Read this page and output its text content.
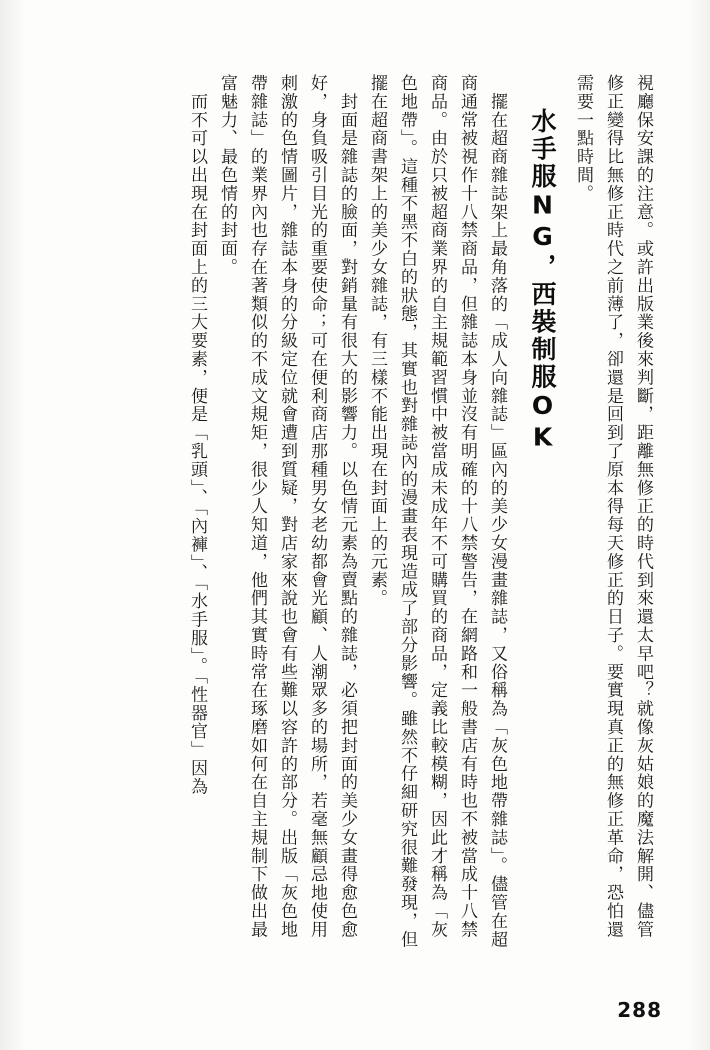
視廳保安課的注意。或許出版業後來判斷，距離無修正的時代到來還太早吧？就像灰姑娘的魔法解開、儘管修正變得比無修正時代之前薄了，卻還是回到了原本得每天修正的日子。要實現真正的無修正革命，恐怕還需要一點時間。
水手服NG，西裝制服OK
　擺在超商雜誌架上最角落的「成人向雜誌」區內的美少女漫畫雜誌，又俗稱為「灰色地帶雜誌」。儘管在超商通常被視作十八禁商品，但雜誌本身並沒有明確的十八禁警告，在網路和一般書店有時也不被當成十八禁商品。由於只被超商業界的自主規範習慣中被當成未成年不可購買的商品，定義比較模糊，因此才稱為「灰色地帶」。這種不黑不白的狀態，其實也對雜誌內的漫畫表現造成了部分影響。雖然不仔細研究很難發現，但擺在超商書架上的美少女雜誌，有三樣不能出現在封面上的元素。
　封面是雜誌的臉面，對銷量有很大的影響力。以色情元素為賣點的雜誌，必須把封面的美少女畫得愈色愈好，身負吸引目光的重要使命；可在便利商店那種男女老幼都會光顧、人潮眾多的場所，若毫無顧忌地使用刺激的色情圖片，雜誌本身的分級定位就會遭到質疑，對店家來說也會有些難以容許的部分。出版「灰色地帶雜誌」的業界內也存在著類似的不成文規矩，很少人知道，他們其實時常在琢磨如何在自主規制下做出最富魅力、最色情的封面。
　而不可以出現在封面上的三大要素，便是「乳頭」、「內褲」、「水手服」。「性器官」因為
288
